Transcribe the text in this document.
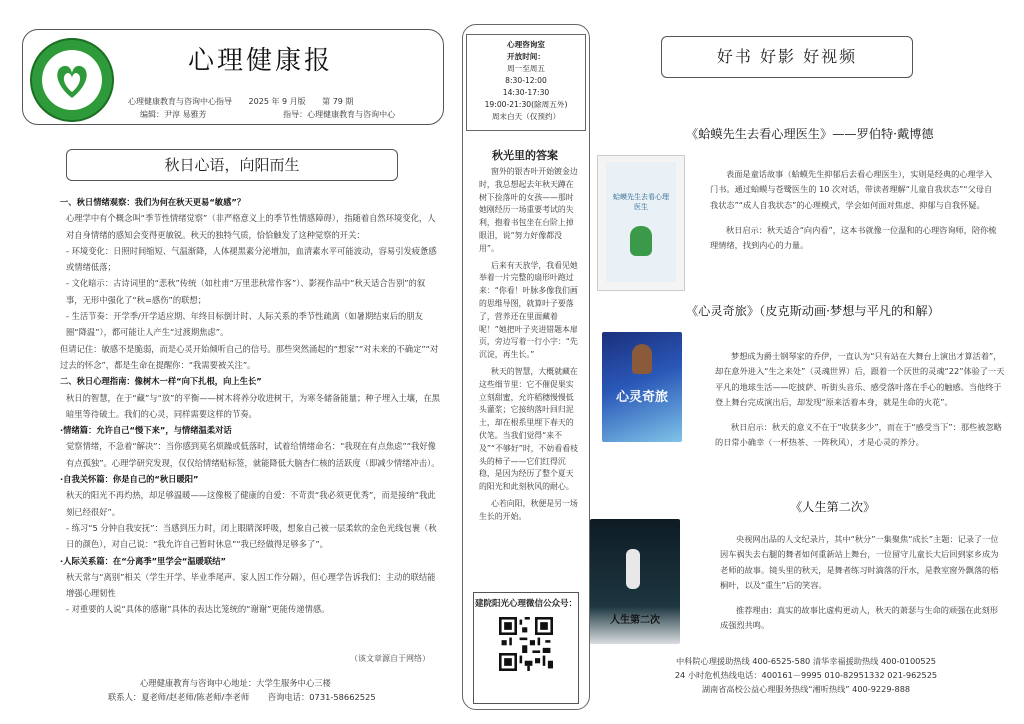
心理健康报
心理健康教育与咨询中心指导 2025 年 9 月版 第 79 期
编辑：尹淳 易雅芳	指导：心理健康教育与咨询中心
秋日心语，向阳而生

一、秋日情绪观察：我们为何在秋天更易“敏感”？

心理学中有个概念叫“季节性情绪觉察”（非严格意义上的季节性情感障碍），指随着自然环境变化，人对自身情绪的感知会变得更敏锐。秋天的独特气质，恰恰触发了这种觉察的开关：

- 环境变化：日照时间缩短、气温渐降，人体褪黑素分泌增加，血清素水平可能波动，容易引发疲惫感或情绪低落；

- 文化暗示：古诗词里的“悲秋”传统（如杜甫“万里悲秋常作客”）、影视作品中“秋天适合告别”的叙事，无形中强化了“秋=感伤”的联想；

- 生活节奏：开学季/开学适应期、年终目标倒计时、人际关系的季节性疏离（如暑期结束后的朋友圈“降温”），都可能让人产生“过渡期焦虑”。

但请记住：敏感不是脆弱，而是心灵开始倾听自己的信号。那些突然涌起的“想家”“对未来的不确定”“对过去的怀念”，都是生命在提醒你：“我需要被关注”。

二、秋日心理指南：像树木一样“向下扎根，向上生长”

秋日的智慧，在于“藏”与“放”的平衡——树木将养分收进树干，为寒冬储备能量；种子埋入土壤，在黑暗里等待破土。我们的心灵，同样需要这样的节奏。

·情绪篇：允许自己“慢下来”，与情绪温柔对话

觉察情绪，不急着“解决”：当你感到莫名烦躁或低落时，试着给情绪命名：“我现在有点焦虑”“我好像有点孤独”。心理学研究发现，仅仅给情绪贴标签，就能降低大脑杏仁核的活跃度（即减少情绪冲击）。

·自我关怀篇：你是自己的“秋日暖阳”

秋天的阳光不再灼热，却足够温暖——这像极了健康的自爱：不苛责“我必须更优秀”，而是接纳“我此刻已经很好”。

- 练习“5 分钟自我安抚”：当感到压力时，闭上眼睛深呼吸，想象自己被一层柔软的金色光线包裹（秋日的颜色），对自己说：“我允许自己暂时休息”“我已经做得足够多了”。

·人际关系篇：在“分离季”里学会“温暖联结”

秋天常与“离别”相关（学生开学、毕业季尾声、家人因工作分隔），但心理学告诉我们：主动的联结能增强心理韧性

- 对重要的人说“具体的感谢”具体的表达比笼统的“谢谢”更能传递情感。

（该文章源自于网络）
心理健康教育与咨询中心地址：大学生服务中心三楼
联系人：夏老师/赵老师/陈老师/李老师 咨询电话：0731-58662525
心理咨询室
开放时间：
周一至周五
8:30-12:00
14:30-17:30
19:00-21:30(除周五外)
周末白天（仅预约）
秋光里的答案

窗外的银杏叶开始镀金边时，我总想起去年秋天蹲在树下捡落叶的女孩——那时她刚经历一场重要考试的失利，抱着书包坐在台阶上掉眼泪，说“努力好像都没用”。

后来有天放学，我看见她举着一片完整的扇形叶跑过来：“你看！叶脉多像我们画的思维导图，就算叶子要落了，营养还在里面藏着呢！”她把叶子夹进错题本扉页，旁边写着一行小字：“先沉淀，再生长。”

秋天的智慧，大概就藏在这些细节里：它不催促果实立刻甜蜜，允许稻穗慢慢低头灌浆；它接纳落叶回归泥土，却在根系里埋下春天的伏笔。当我们觉得“来不及”“不够好”时，不妨看看枝头的柿子——它们红得沉稳，是因为经历了整个夏天的阳光和此刻秋风的耐心。

心若向阳，秋便是另一场生长的开始。

建院阳光心理微信公众号：
好书 好影 好视频
《蛤蟆先生去看心理医生》——罗伯特·戴博德
蛤蟆先生去看心理医生

表面是童话故事（蛤蟆先生抑郁后去看心理医生），实则是经典的心理学入门书。通过蛤蟆与苍鹭医生的 10 次对话，带读者理解“儿童自我状态”“父母自我状态”“成人自我状态”的心理模式，学会如何面对焦虑、抑郁与自我怀疑。

秋日启示：秋天适合“向内看”，这本书就像一位温和的心理咨询师，陪你梳理情绪，找到内心的力量。

《心灵奇旅》（皮克斯动画·梦想与平凡的和解）
心灵奇旅

梦想成为爵士钢琴家的乔伊，一直认为“只有站在大舞台上演出才算活着”，却在意外进入“生之来处”（灵魂世界）后，跟着一个厌世的灵魂“22”体验了一天平凡的地球生活——吃披萨、听街头音乐、感受落叶落在手心的触感。当他终于登上舞台完成演出后，却发现“原来活着本身，就是生命的火花”。

秋日启示：秋天的意义不在于“收获多少”，而在于“感受当下”：那些被忽略的日常小确幸（一杯热茶、一阵秋风），才是心灵的养分。

《人生第二次》
人生第二次

央视网出品的人文纪录片，其中“秋分”一集聚焦“成长”主题：记录了一位因车祸失去右腿的舞者如何重新站上舞台，一位留守儿童长大后回到家乡成为老师的故事。镜头里的秋天，是舞者练习时滴落的汗水，是教室窗外飘落的梧桐叶，以及“重生”后的笑容。

推荐理由：真实的故事比虚构更动人，秋天的萧瑟与生命的顽强在此刻形成强烈共鸣。

中科院心理援助热线 400-6525-580 清华幸福援助热线 400-0100525
24 小时危机热线电话：400161－9995 010-82951332 021-962525
湖南省高校公益心理服务热线“湘听热线” 400-9229-888
